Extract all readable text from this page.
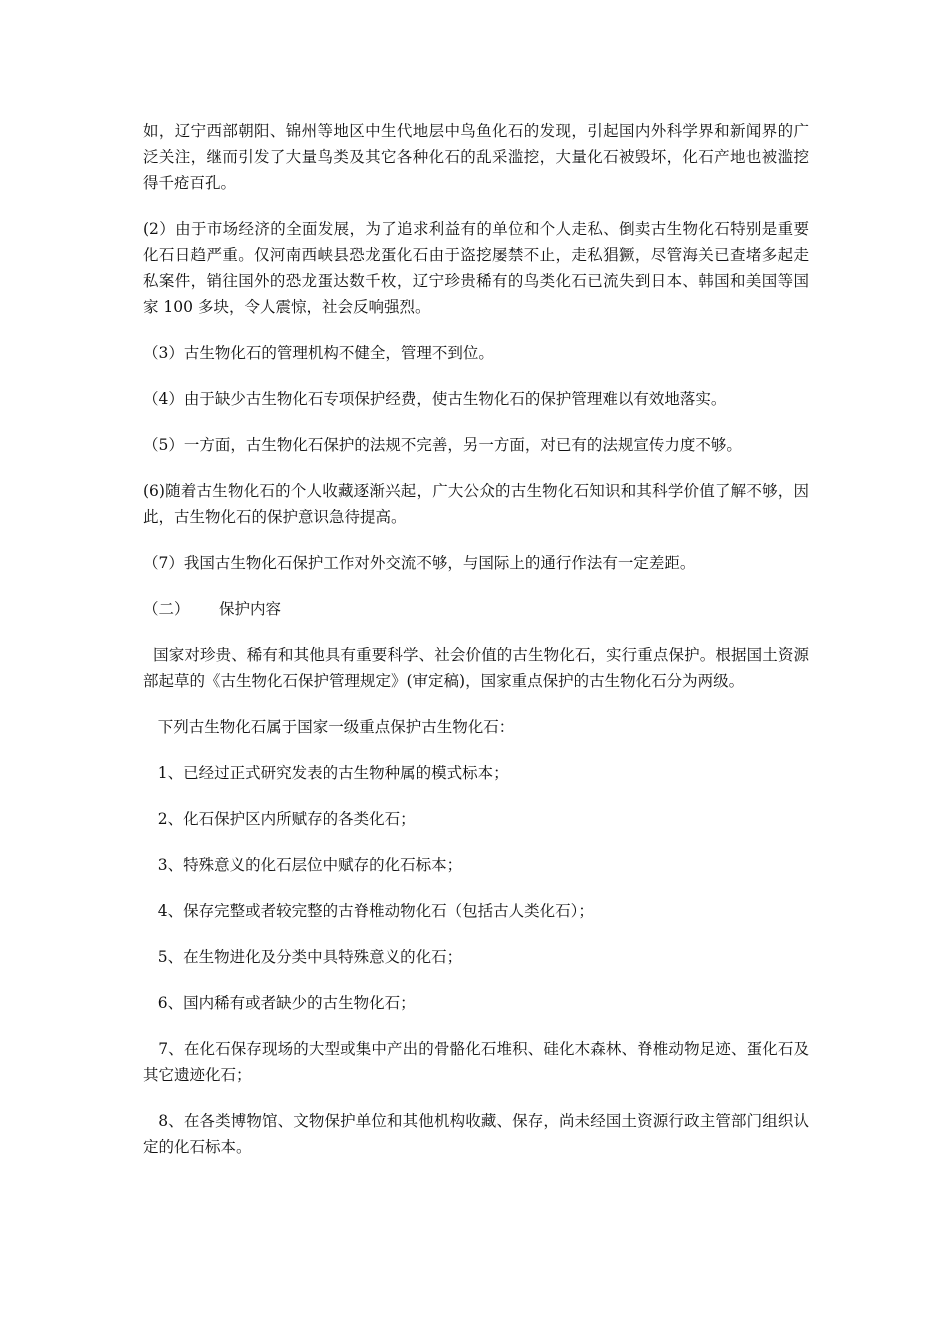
如，辽宁西部朝阳、锦州等地区中生代地层中鸟鱼化石的发现，引起国内外科学界和新闻界的广泛关注，继而引发了大量鸟类及其它各种化石的乱采滥挖，大量化石被毁坏，化石产地也被滥挖得千疮百孔。

(2）由于市场经济的全面发展，为了追求利益有的单位和个人走私、倒卖古生物化石特别是重要化石日趋严重。仅河南西峡县恐龙蛋化石由于盗挖屡禁不止，走私猖獗，尽管海关已查堵多起走私案件，销往国外的恐龙蛋达数千枚，辽宁珍贵稀有的鸟类化石已流失到日本、韩国和美国等国家 100 多块，令人震惊，社会反响强烈。

（3）古生物化石的管理机构不健全，管理不到位。

（4）由于缺少古生物化石专项保护经费，使古生物化石的保护管理难以有效地落实。

（5）一方面，古生物化石保护的法规不完善，另一方面，对已有的法规宣传力度不够。

(6)随着古生物化石的个人收藏逐渐兴起，广大公众的古生物化石知识和其科学价值了解不够，因此，古生物化石的保护意识急待提高。

（7）我国古生物化石保护工作对外交流不够，与国际上的通行作法有一定差距。

（二）      保护内容

国家对珍贵、稀有和其他具有重要科学、社会价值的古生物化石，实行重点保护。根据国土资源部起草的《古生物化石保护管理规定》(审定稿)，国家重点保护的古生物化石分为两级。

下列古生物化石属于国家一级重点保护古生物化石：

1、已经过正式研究发表的古生物种属的模式标本；

2、化石保护区内所赋存的各类化石；

3、特殊意义的化石层位中赋存的化石标本；

4、保存完整或者较完整的古脊椎动物化石（包括古人类化石）；

5、在生物进化及分类中具特殊意义的化石；

6、国内稀有或者缺少的古生物化石；

7、在化石保存现场的大型或集中产出的骨骼化石堆积、硅化木森林、脊椎动物足迹、蛋化石及其它遗迹化石；

8、在各类博物馆、文物保护单位和其他机构收藏、保存，尚未经国土资源行政主管部门组织认定的化石标本。
